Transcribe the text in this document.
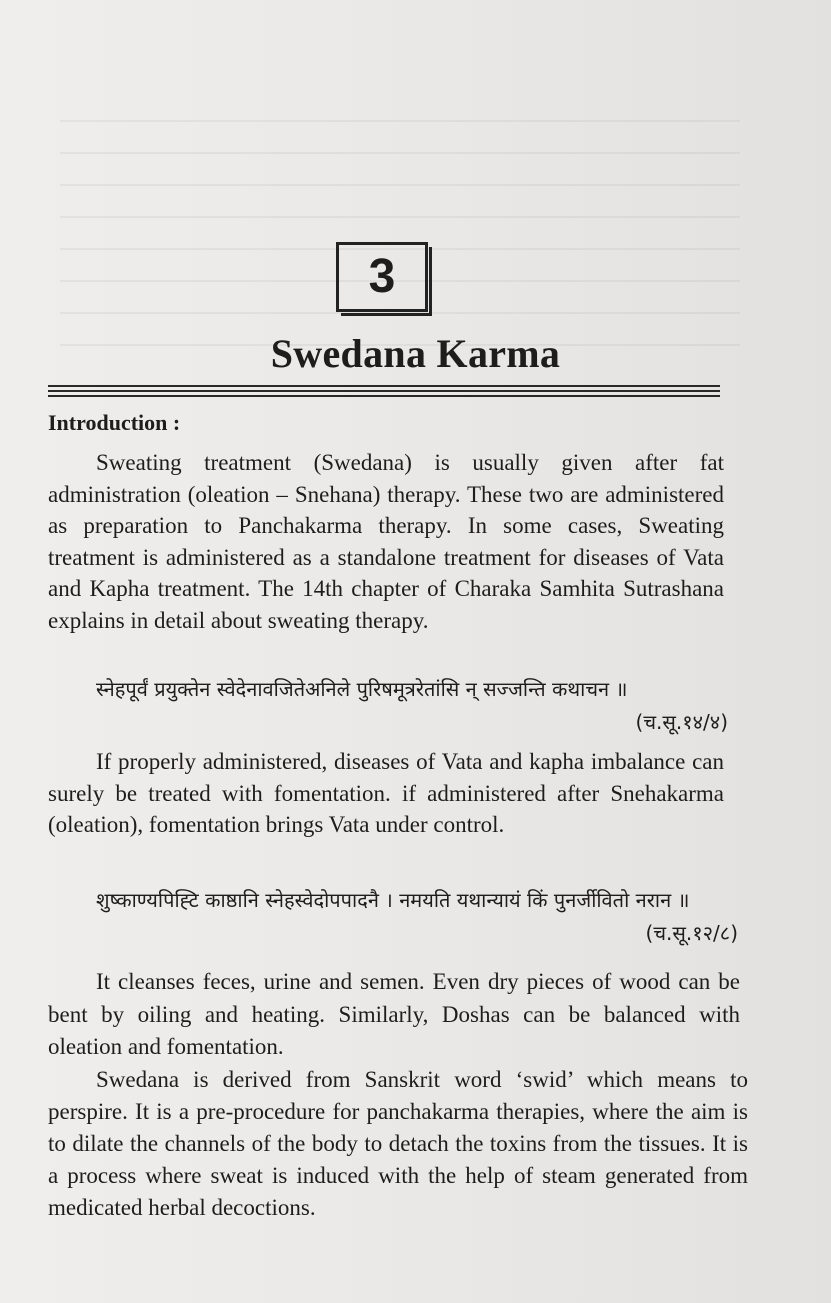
3
Swedana Karma
Introduction :

Sweating treatment (Swedana) is usually given after fat administration (oleation – Snehana) therapy. These two are administered as preparation to Panchakarma therapy. In some cases, Sweating treatment is administered as a standalone treatment for diseases of Vata and Kapha treatment. The 14th chapter of Charaka Samhita Sutrashana explains in detail about sweating therapy.

स्नेहपूर्वं प्रयुक्तेन स्वेदेनावजितेअनिले पुरिषमूत्ररेतांसि न् सज्जन्ति कथाचन ॥
(च.सू.१४/४)

If properly administered, diseases of Vata and kapha imbalance can surely be treated with fomentation. if administered after Snehakarma (oleation), fomentation brings Vata under control.

शुष्काण्यपिह्टि काष्ठानि स्नेहस्वेदोपपादनै । नमयति यथान्यायं किं पुनर्जीवितो नरान ॥
(च.सू.१२/८)

It cleanses feces, urine and semen. Even dry pieces of wood can be bent by oiling and heating. Similarly, Doshas can be balanced with oleation and fomentation.

Swedana is derived from Sanskrit word ‘swid’ which means to perspire. It is a pre-procedure for panchakarma therapies, where the aim is to dilate the channels of the body to detach the toxins from the tissues. It is a process where sweat is induced with the help of steam generated from medicated herbal decoctions.
